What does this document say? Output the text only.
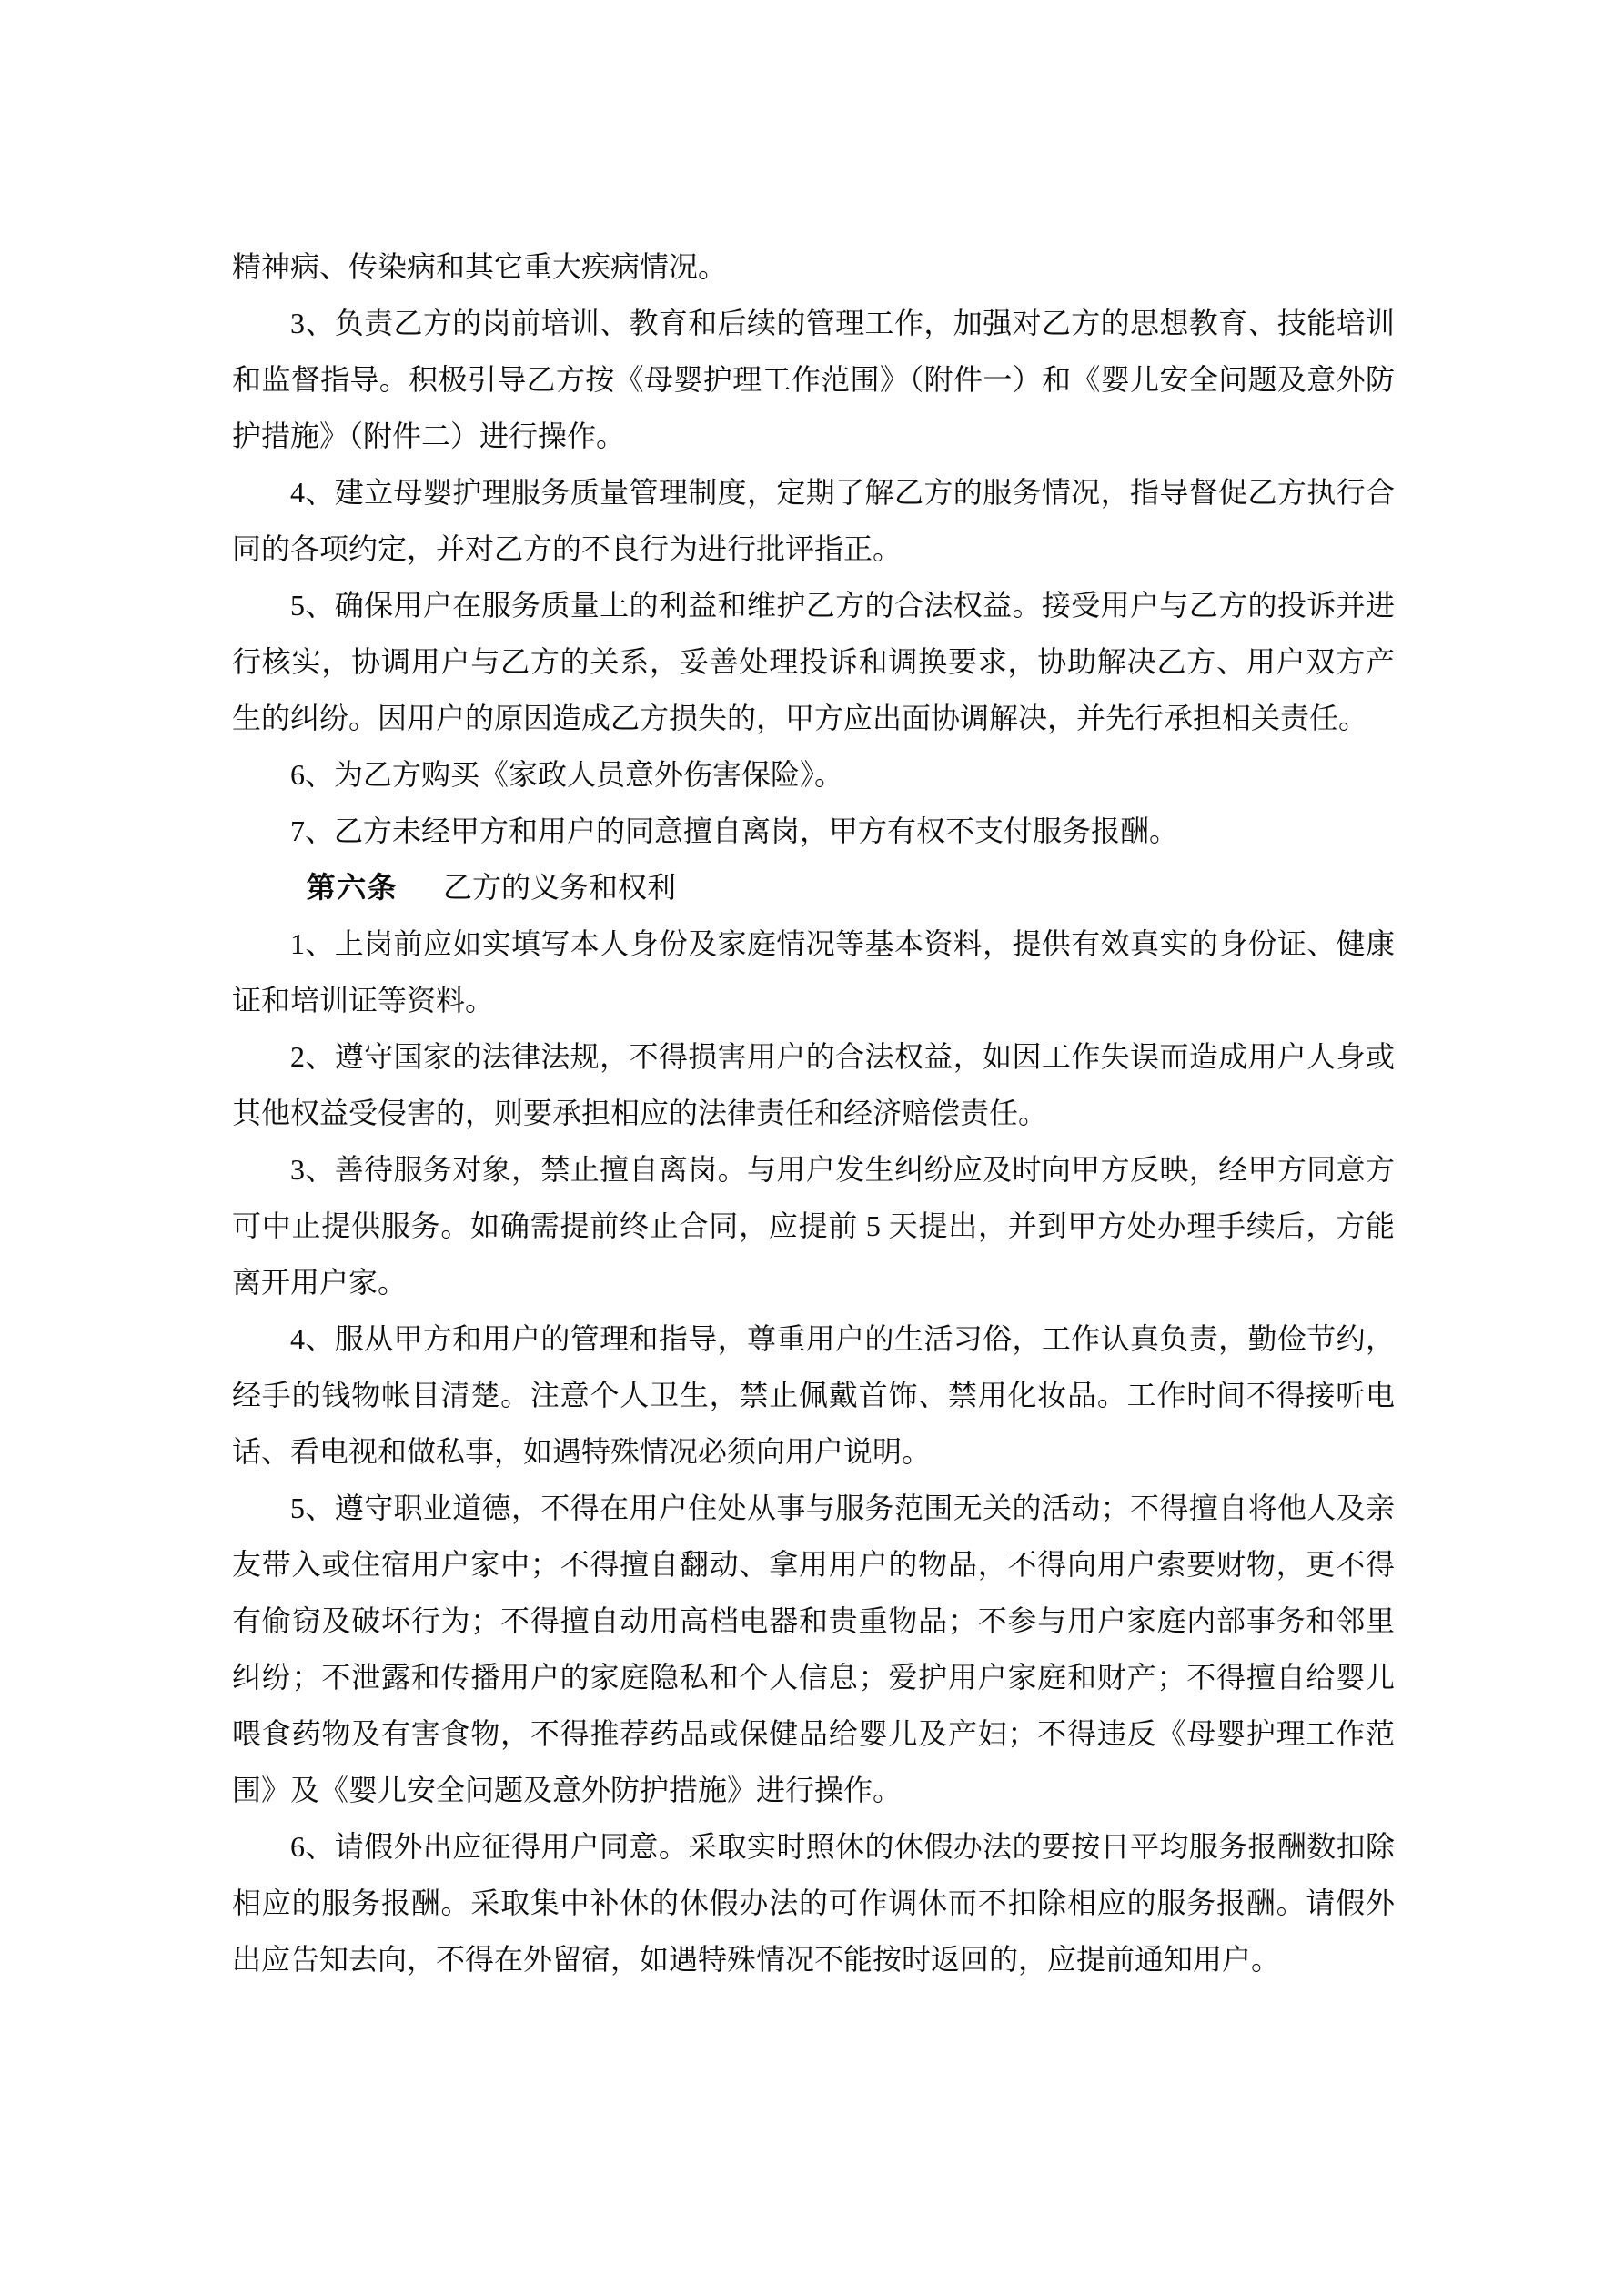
精神病、传染病和其它重大疾病情况。

3、负责乙方的岗前培训、教育和后续的管理工作，加强对乙方的思想教育、技能培训和监督指导。积极引导乙方按《母婴护理工作范围》（附件一）和《婴儿安全问题及意外防护措施》（附件二）进行操作。

4、建立母婴护理服务质量管理制度，定期了解乙方的服务情况，指导督促乙方执行合同的各项约定，并对乙方的不良行为进行批评指正。

5、确保用户在服务质量上的利益和维护乙方的合法权益。接受用户与乙方的投诉并进行核实，协调用户与乙方的关系，妥善处理投诉和调换要求，协助解决乙方、用户双方产生的纠纷。因用户的原因造成乙方损失的，甲方应出面协调解决，并先行承担相关责任。

6、为乙方购买《家政人员意外伤害保险》。

7、乙方未经甲方和用户的同意擅自离岗，甲方有权不支付服务报酬。

第六条 乙方的义务和权利

1、上岗前应如实填写本人身份及家庭情况等基本资料，提供有效真实的身份证、健康证和培训证等资料。

2、遵守国家的法律法规，不得损害用户的合法权益，如因工作失误而造成用户人身或其他权益受侵害的，则要承担相应的法律责任和经济赔偿责任。

3、善待服务对象，禁止擅自离岗。与用户发生纠纷应及时向甲方反映，经甲方同意方可中止提供服务。如确需提前终止合同，应提前 5 天提出，并到甲方处办理手续后，方能离开用户家。

4、服从甲方和用户的管理和指导，尊重用户的生活习俗，工作认真负责，勤俭节约，经手的钱物帐目清楚。注意个人卫生，禁止佩戴首饰、禁用化妆品。工作时间不得接听电话、看电视和做私事，如遇特殊情况必须向用户说明。

5、遵守职业道德，不得在用户住处从事与服务范围无关的活动；不得擅自将他人及亲友带入或住宿用户家中；不得擅自翻动、拿用用户的物品，不得向用户索要财物，更不得有偷窃及破坏行为；不得擅自动用高档电器和贵重物品；不参与用户家庭内部事务和邻里纠纷；不泄露和传播用户的家庭隐私和个人信息；爱护用户家庭和财产；不得擅自给婴儿喂食药物及有害食物，不得推荐药品或保健品给婴儿及产妇；不得违反《母婴护理工作范围》及《婴儿安全问题及意外防护措施》进行操作。

6、请假外出应征得用户同意。采取实时照休的休假办法的要按日平均服务报酬数扣除相应的服务报酬。采取集中补休的休假办法的可作调休而不扣除相应的服务报酬。请假外出应告知去向，不得在外留宿，如遇特殊情况不能按时返回的，应提前通知用户。
